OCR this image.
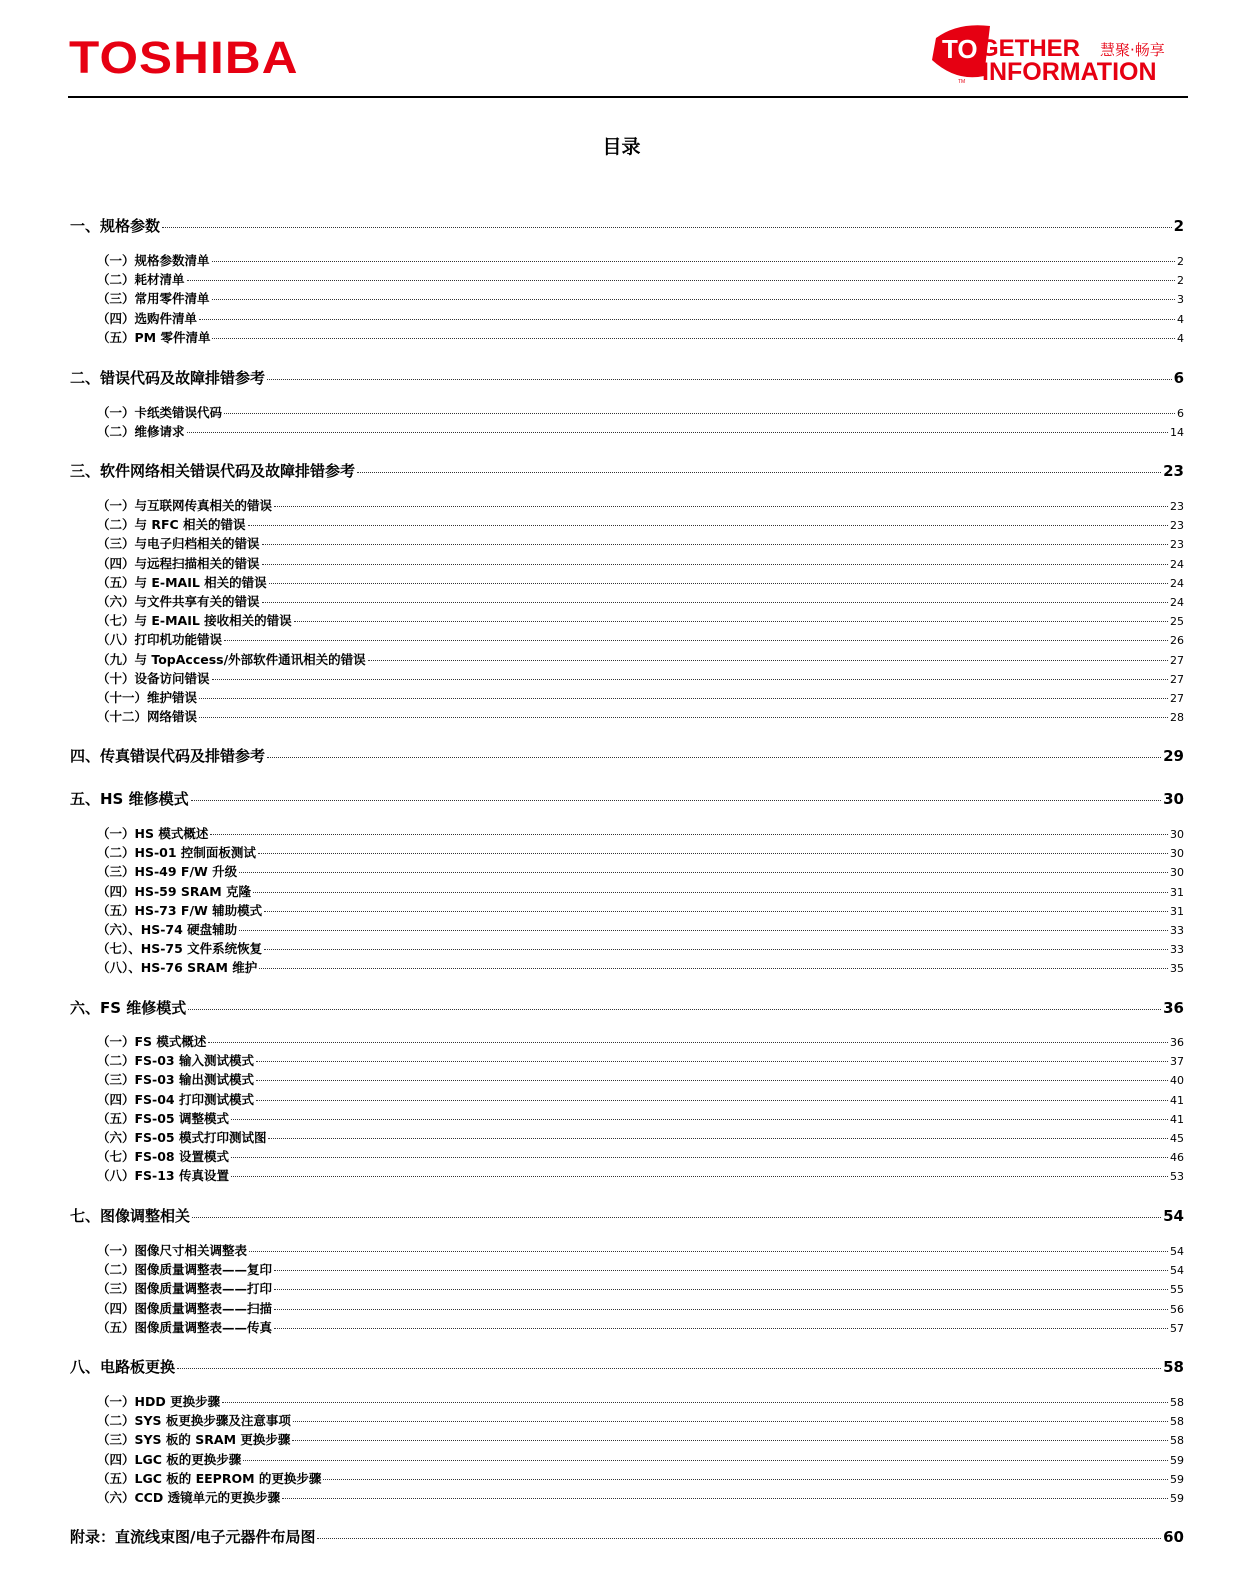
TOSHIBA	TO GETHER 慧聚·畅享
INFORMATION
TM
目录
一、规格参数	2
（一）规格参数清单	2
（二）耗材清单	2
（三）常用零件清单	3
（四）选购件清单	4
（五）PM 零件清单	4
二、错误代码及故障排错参考	6
（一）卡纸类错误代码	6
（二）维修请求	14
三、软件网络相关错误代码及故障排错参考	23
（一）与互联网传真相关的错误	23
（二）与 RFC 相关的错误	23
（三）与电子归档相关的错误	23
（四）与远程扫描相关的错误	24
（五）与 E-MAIL 相关的错误	24
（六）与文件共享有关的错误	24
（七）与 E-MAIL 接收相关的错误	25
（八）打印机功能错误	26
（九）与 TopAccess/外部软件通讯相关的错误	27
（十）设备访问错误	27
（十一）维护错误	27
（十二）网络错误	28
四、传真错误代码及排错参考	29
五、HS 维修模式	30
（一）HS 模式概述	30
（二）HS-01 控制面板测试	30
（三）HS-49 F/W 升级	30
（四）HS-59 SRAM 克隆	31
（五）HS-73 F/W 辅助模式	31
（六）、HS-74 硬盘辅助	33
（七）、HS-75 文件系统恢复	33
（八）、HS-76 SRAM 维护	35
六、FS 维修模式	36
（一）FS 模式概述	36
（二）FS-03 输入测试模式	37
（三）FS-03 输出测试模式	40
（四）FS-04 打印测试模式	41
（五）FS-05 调整模式	41
（六）FS-05 模式打印测试图	45
（七）FS-08 设置模式	46
（八）FS-13 传真设置	53
七、图像调整相关	54
（一）图像尺寸相关调整表	54
（二）图像质量调整表——复印	54
（三）图像质量调整表——打印	55
（四）图像质量调整表——扫描	56
（五）图像质量调整表——传真	57
八、电路板更换	58
（一）HDD 更换步骤	58
（二）SYS 板更换步骤及注意事项	58
（三）SYS 板的 SRAM 更换步骤	58
（四）LGC 板的更换步骤	59
（五）LGC 板的 EEPROM 的更换步骤	59
（六）CCD 透镜单元的更换步骤	59
附录：直流线束图/电子元器件布局图	60
